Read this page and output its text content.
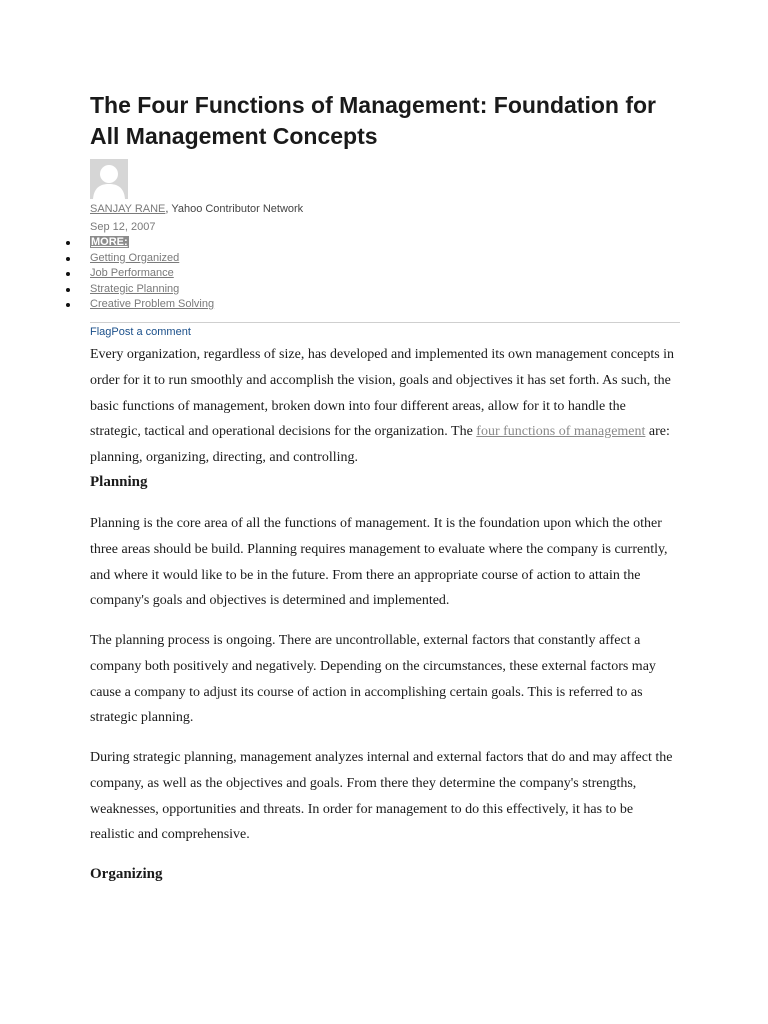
The Four Functions of Management: Foundation for All Management Concepts
SANJAY RANE, Yahoo Contributor Network
Sep 12, 2007
MORE:
Getting Organized
Job Performance
Strategic Planning
Creative Problem Solving
FlagPost a comment

Every organization, regardless of size, has developed and implemented its own management concepts in order for it to run smoothly and accomplish the vision, goals and objectives it has set forth. As such, the basic functions of management, broken down into four different areas, allow for it to handle the strategic, tactical and operational decisions for the organization. The four functions of management are: planning, organizing, directing, and controlling.

Planning

Planning is the core area of all the functions of management. It is the foundation upon which the other three areas should be build. Planning requires management to evaluate where the company is currently, and where it would like to be in the future. From there an appropriate course of action to attain the company's goals and objectives is determined and implemented.

The planning process is ongoing. There are uncontrollable, external factors that constantly affect a company both positively and negatively. Depending on the circumstances, these external factors may cause a company to adjust its course of action in accomplishing certain goals. This is referred to as strategic planning.

During strategic planning, management analyzes internal and external factors that do and may affect the company, as well as the objectives and goals. From there they determine the company's strengths, weaknesses, opportunities and threats. In order for management to do this effectively, it has to be realistic and comprehensive.

Organizing
